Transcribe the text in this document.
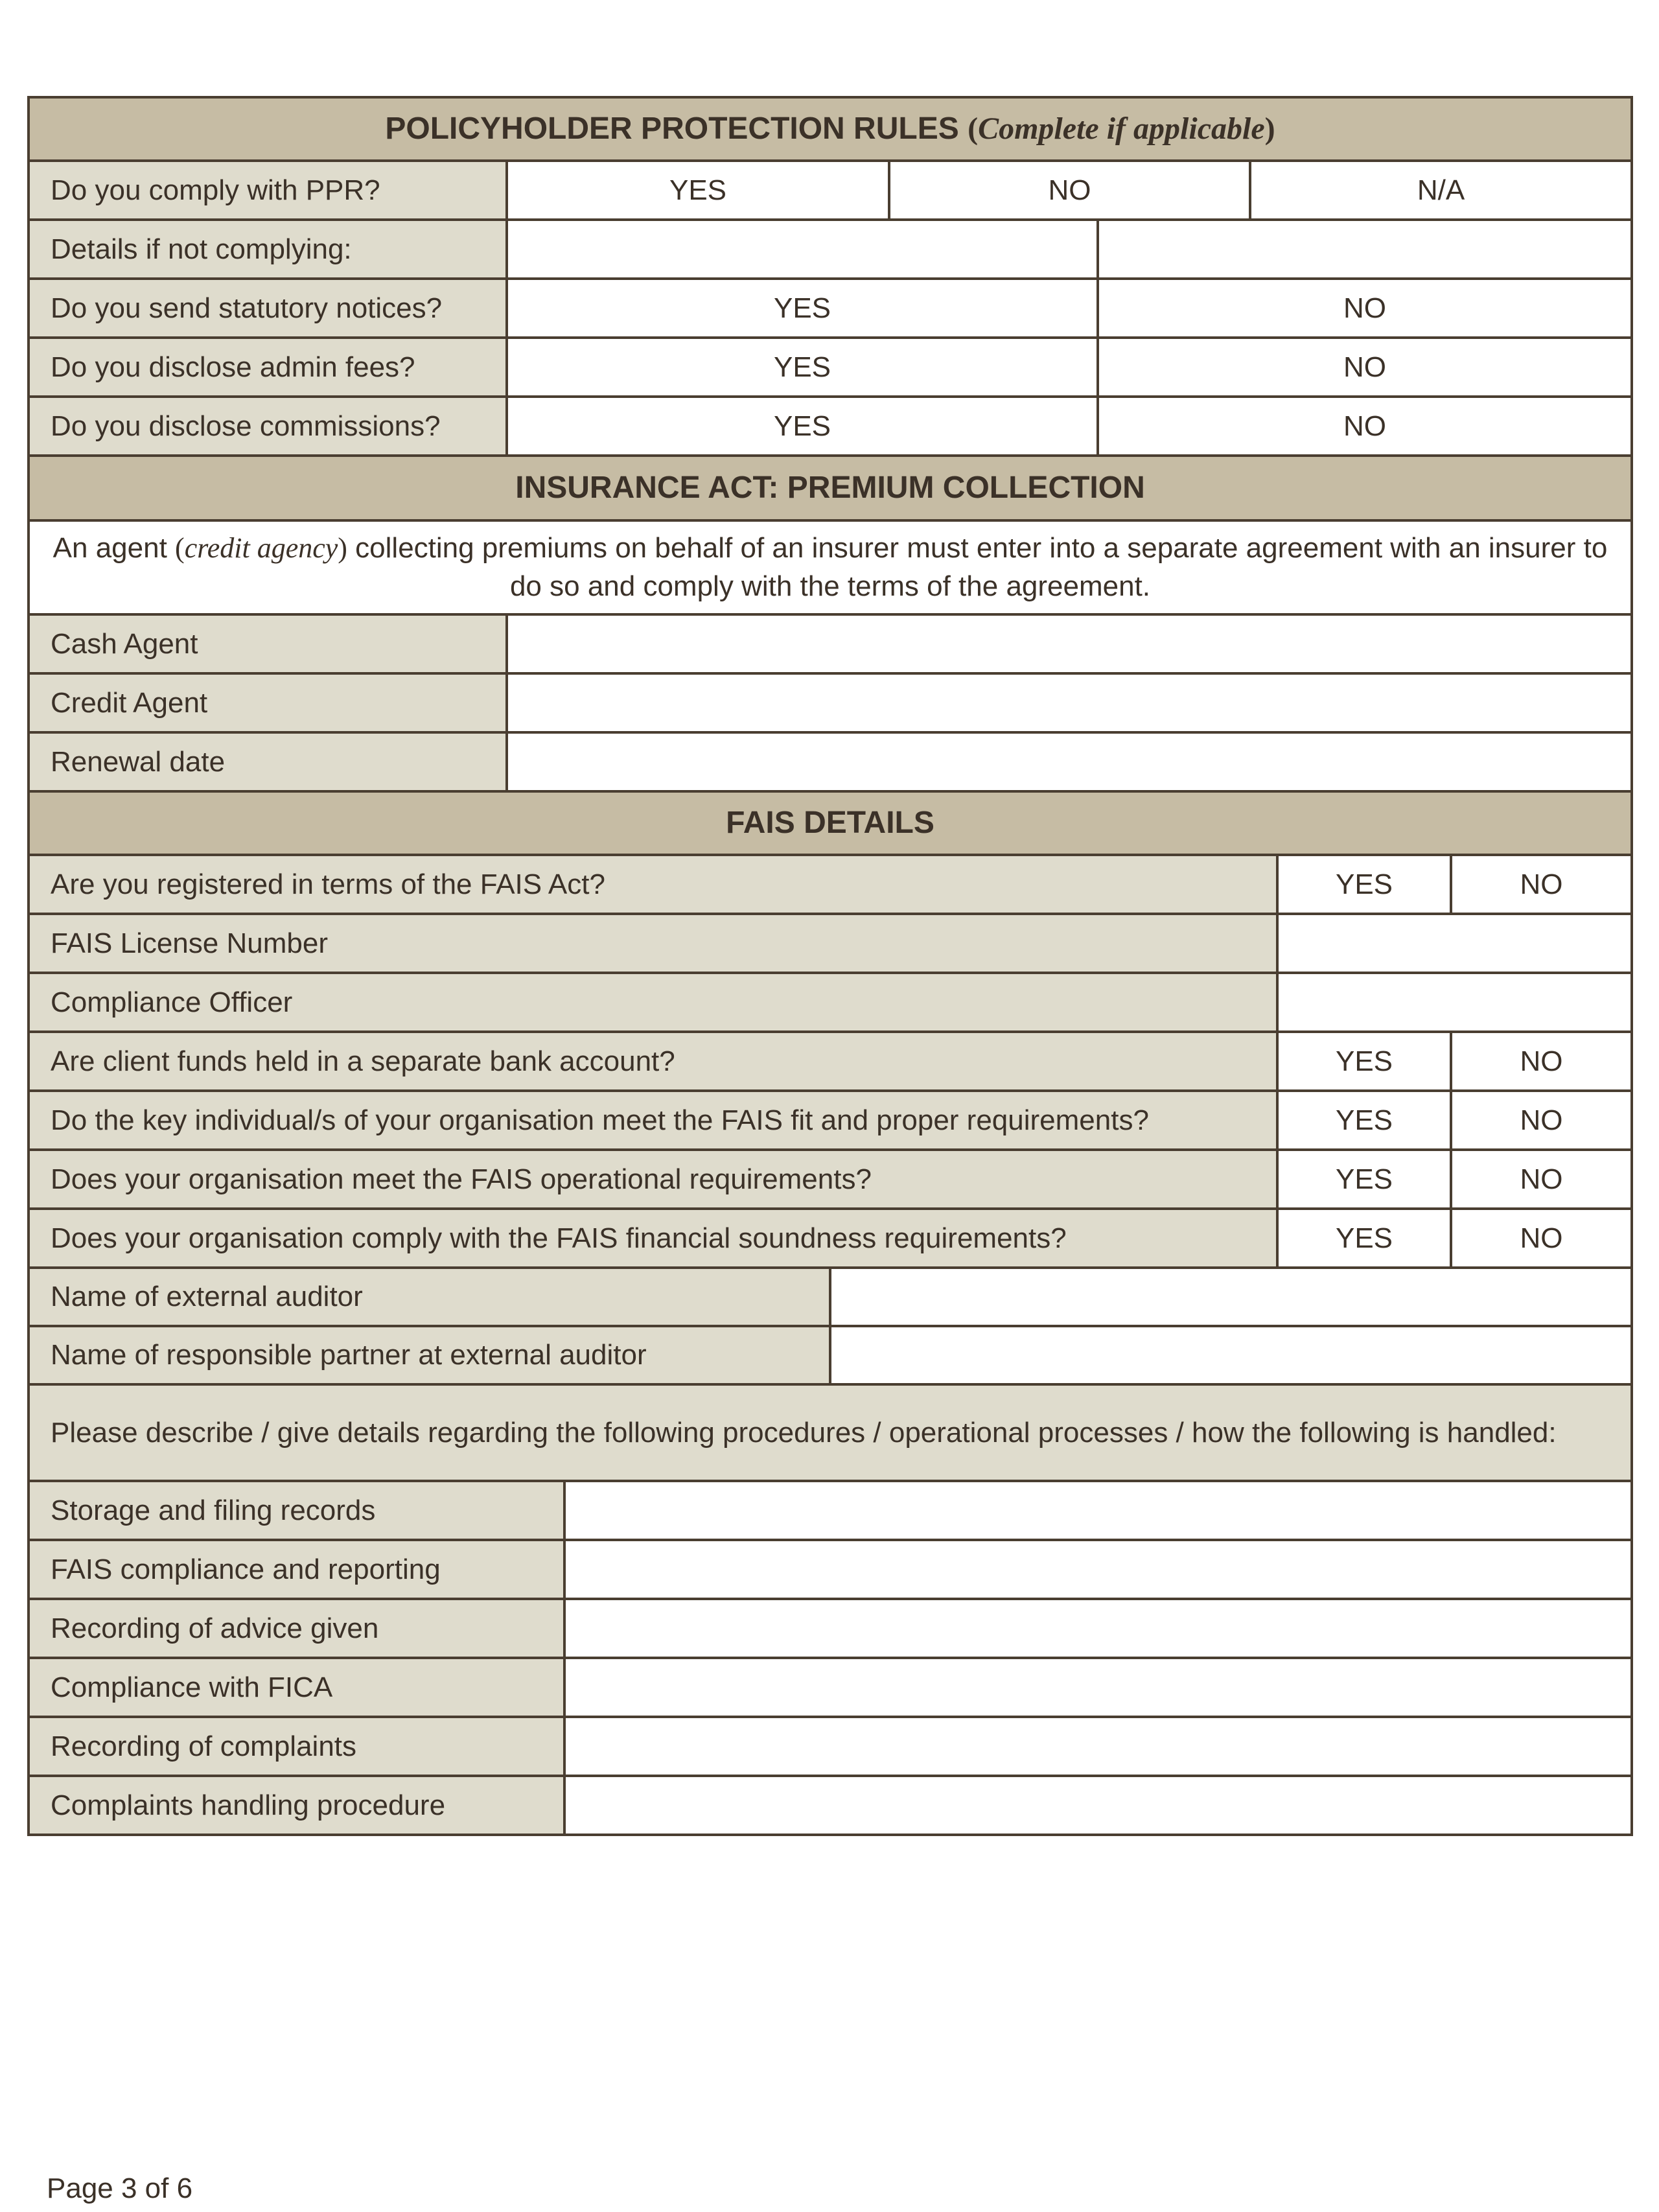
POLICYHOLDER PROTECTION RULES
( Complete if applicable )
Do you comply with PPR?	YES	NO	N/A
Details if not complying:
Do you send statutory notices?	YES	NO
Do you disclose admin fees?	YES	NO
Do you disclose commissions?	YES	NO
INSURANCE ACT: PREMIUM COLLECTION
An agent (credit agency) collecting premiums on behalf of an insurer must enter into a separate agreement with an insurer to do so and comply with the terms of the agreement.
Cash Agent
Credit Agent
Renewal date
FAIS DETAILS
Are you registered in terms of the FAIS Act?	YES	NO
FAIS License Number
Compliance Officer
Are client funds held in a separate bank account?	YES	NO
Do the key individual/s of your organisation meet the FAIS fit and proper requirements?	YES	NO
Does your organisation meet the FAIS operational requirements?	YES	NO
Does your organisation comply with the FAIS financial soundness requirements?	YES	NO
Name of external auditor
Name of responsible partner at external auditor
Please describe / give details regarding the following procedures / operational processes / how the following is handled:
Storage and filing records
FAIS compliance and reporting
Recording of advice given
Compliance with FICA
Recording of complaints
Complaints handling procedure
Page 3 of 6
